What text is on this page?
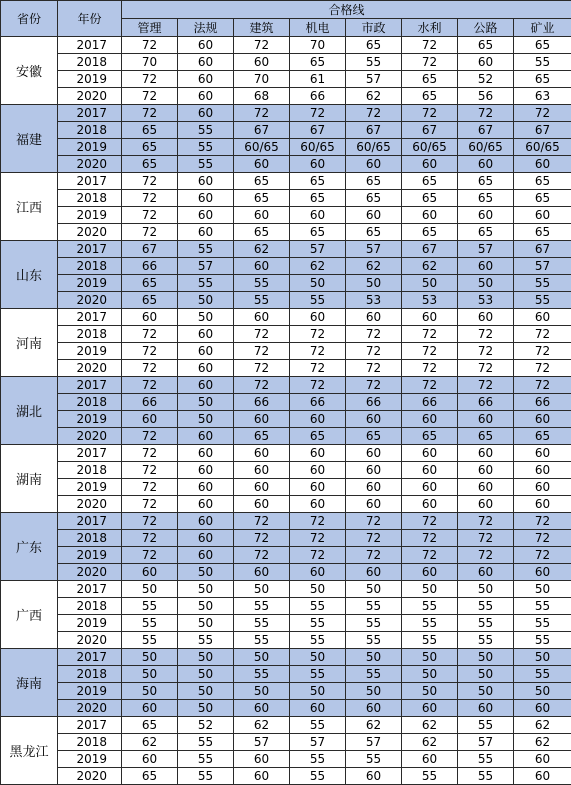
省份	年份	合格线							
		管理	法规	建筑	机电	市政	水利	公路	矿业
安徽	2017	72	60	72	70	65	72	65	65
	2018	70	60	60	65	55	72	60	55
	2019	72	60	70	61	57	65	52	65
	2020	72	60	68	66	62	65	56	63
福建	2017	72	60	72	72	72	72	72	72
	2018	65	55	67	67	67	67	67	67
	2019	65	55	60/65	60/65	60/65	60/65	60/65	60/65
	2020	65	55	60	60	60	60	60	60
江西	2017	72	60	65	65	65	65	65	65
	2018	72	60	65	65	65	65	65	65
	2019	72	60	60	60	60	60	60	60
	2020	72	60	65	65	65	65	65	65
山东	2017	67	55	62	57	57	67	57	67
	2018	66	57	60	62	62	62	60	57
	2019	65	55	55	50	50	50	50	55
	2020	65	50	55	55	53	53	53	55
河南	2017	60	50	60	60	60	60	60	60
	2018	72	60	72	72	72	72	72	72
	2019	72	60	72	72	72	72	72	72
	2020	72	60	72	72	72	72	72	72
湖北	2017	72	60	72	72	72	72	72	72
	2018	66	50	66	66	66	66	66	66
	2019	60	50	60	60	60	60	60	60
	2020	72	60	65	65	65	65	65	65
湖南	2017	72	60	60	60	60	60	60	60
	2018	72	60	60	60	60	60	60	60
	2019	72	60	60	60	60	60	60	60
	2020	72	60	60	60	60	60	60	60
广东	2017	72	60	72	72	72	72	72	72
	2018	72	60	72	72	72	72	72	72
	2019	72	60	72	72	72	72	72	72
	2020	60	50	60	60	60	60	60	60
广西	2017	50	50	50	50	50	50	50	50
	2018	55	50	55	55	55	55	55	55
	2019	55	50	55	55	55	55	55	55
	2020	55	55	55	55	55	55	55	55
海南	2017	50	50	50	50	50	50	50	50
	2018	50	50	55	55	55	50	50	55
	2019	50	50	50	50	50	50	50	50
	2020	60	50	60	60	60	60	60	60
黑龙江	2017	65	52	62	55	62	62	55	62
	2018	62	55	57	57	57	62	57	62
	2019	60	55	60	55	55	60	55	60
	2020	65	55	60	55	60	55	55	60
